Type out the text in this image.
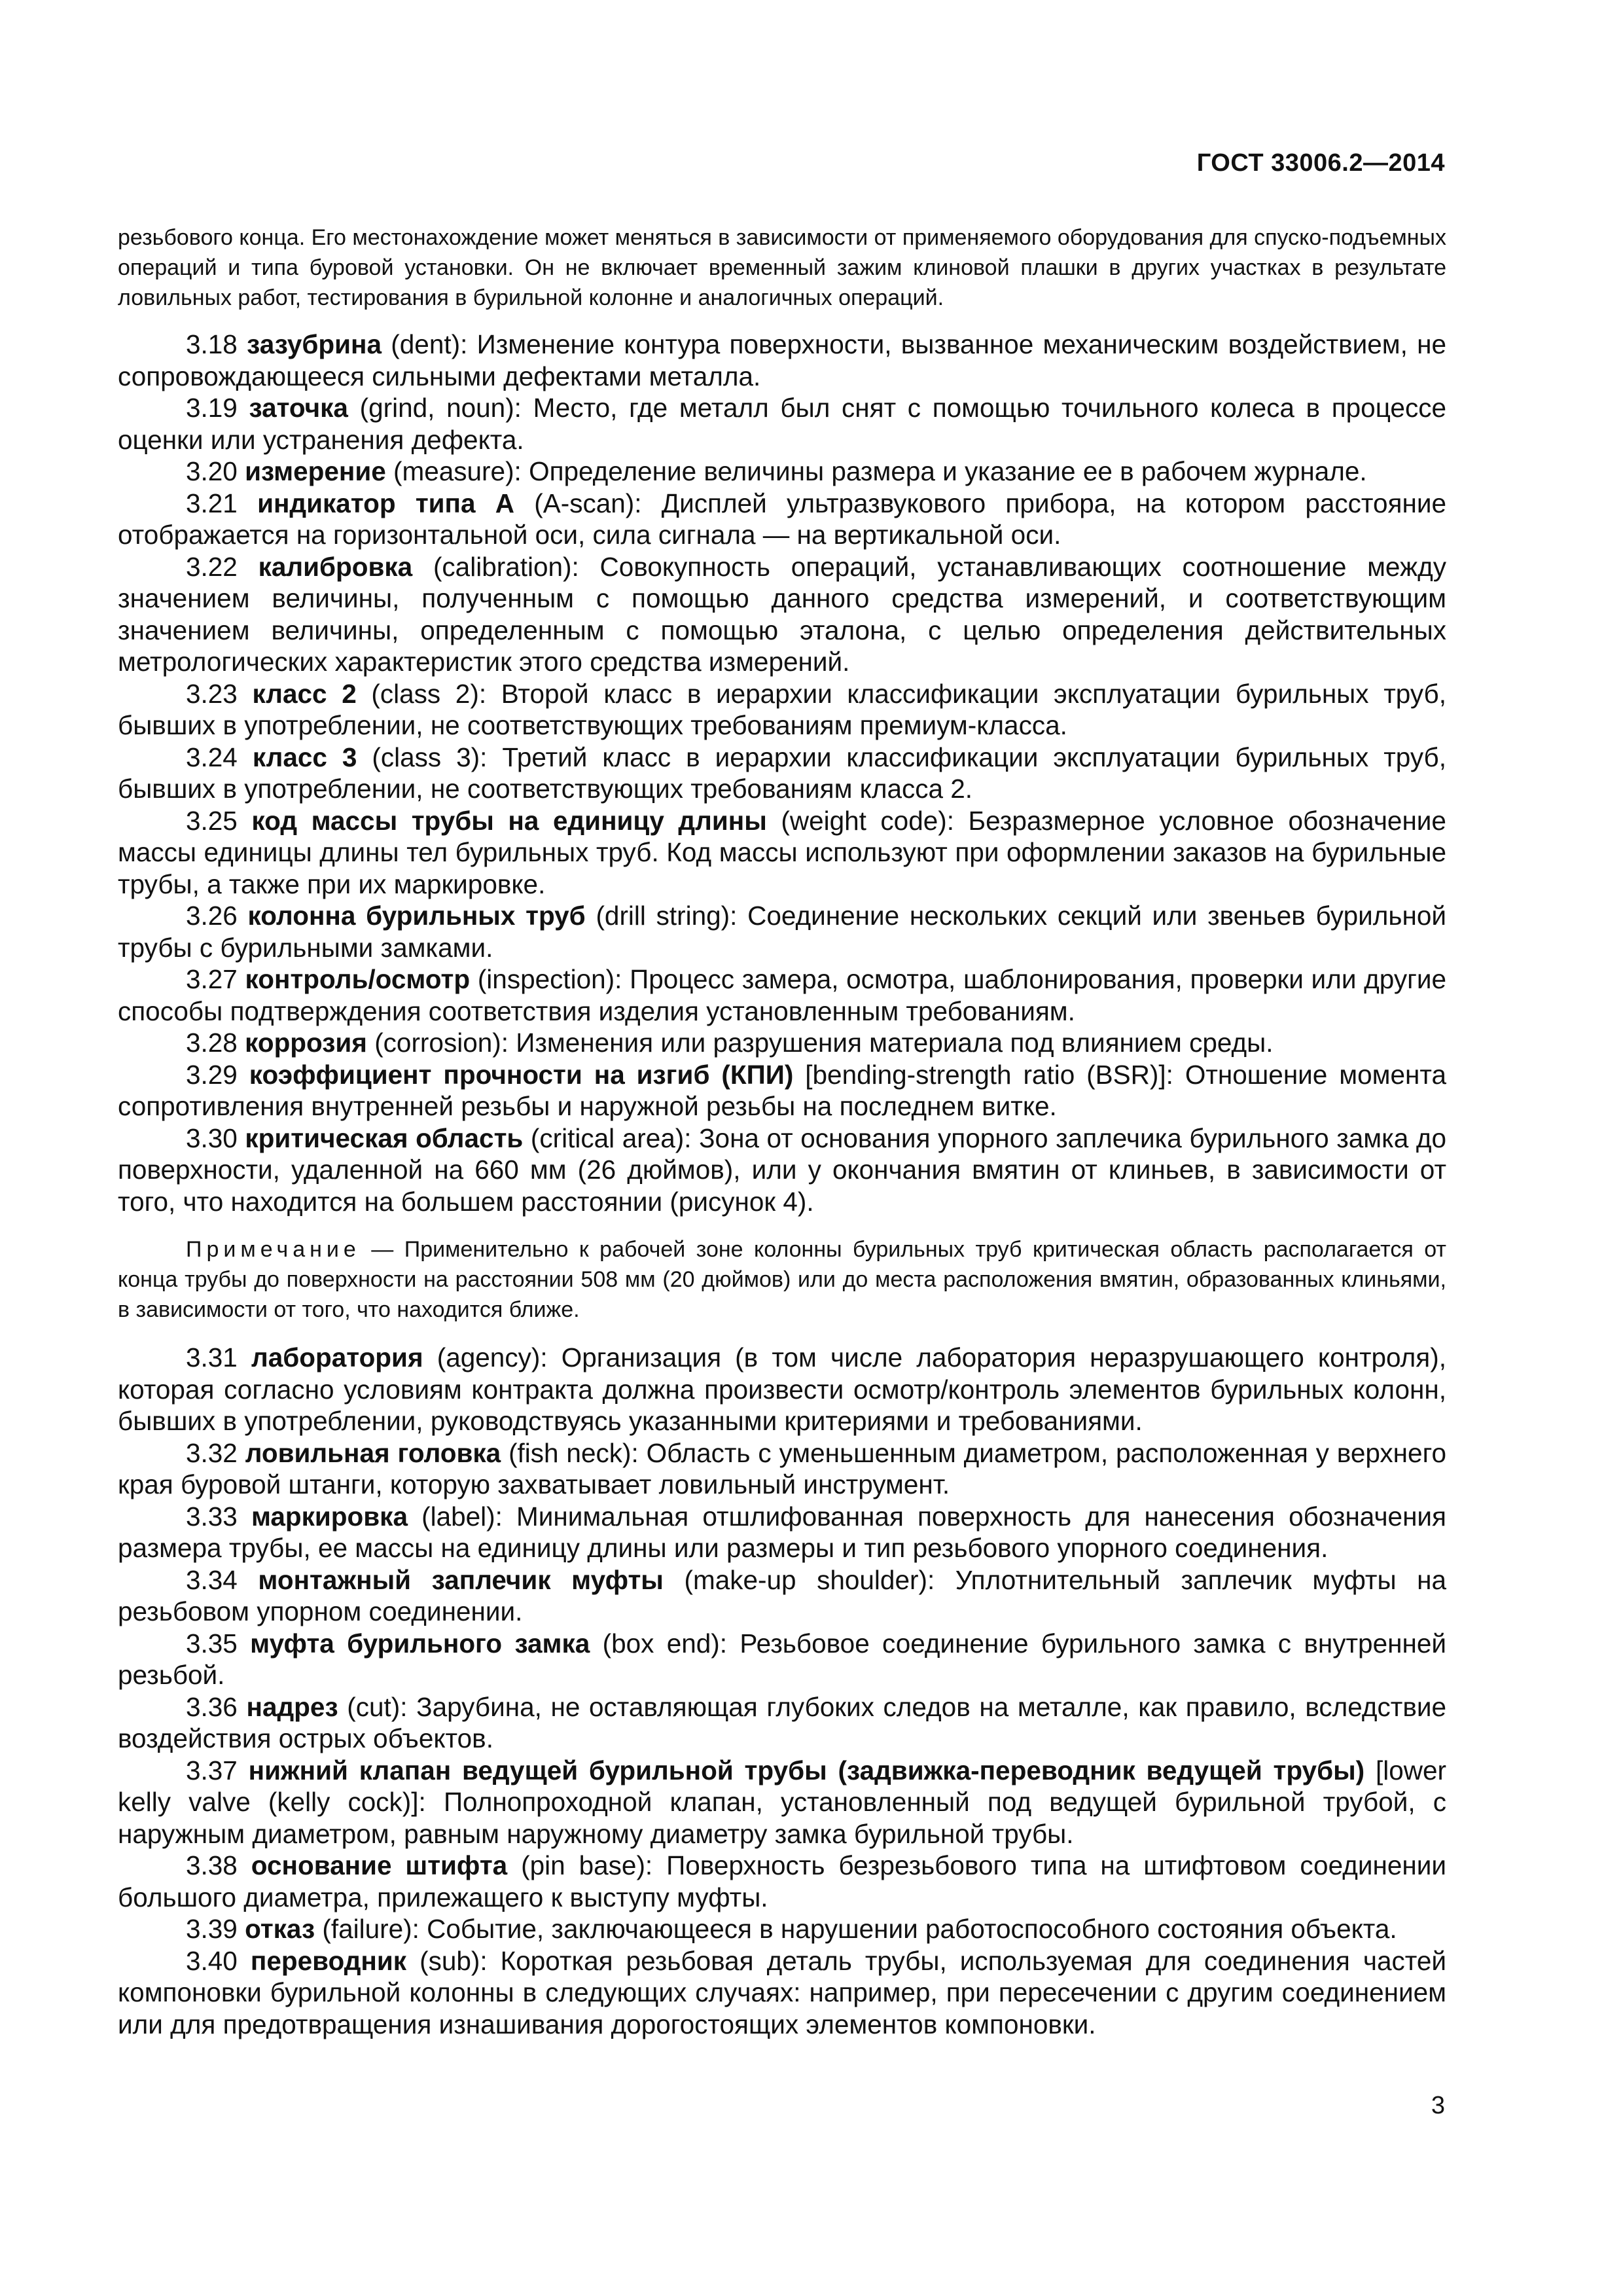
ГОСТ 33006.2—2014

резьбового конца. Его местонахождение может меняться в зависимости от применяемого оборудования для спуско-подъемных операций и типа буровой установки. Он не включает временный зажим клиновой плашки в других участках в результате ловильных работ, тестирования в бурильной колонне и аналогичных операций.

3.18 зазубрина (dent): Изменение контура поверхности, вызванное механическим воздействием, не сопровождающееся сильными дефектами металла.

3.19 заточка (grind, noun): Место, где металл был снят с помощью точильного колеса в процессе оценки или устранения дефекта.

3.20 измерение (measure): Определение величины размера и указание ее в рабочем журнале.

3.21 индикатор типа А (A-scan): Дисплей ультразвукового прибора, на котором расстояние отображается на горизонтальной оси, сила сигнала — на вертикальной оси.

3.22 калибровка (calibration): Совокупность операций, устанавливающих соотношение между значением величины, полученным с помощью данного средства измерений, и соответствующим значением величины, определенным с помощью эталона, с целью определения действительных метрологических характеристик этого средства измерений.

3.23 класс 2 (class 2): Второй класс в иерархии классификации эксплуатации бурильных труб, бывших в употреблении, не соответствующих требованиям премиум-класса.

3.24 класс 3 (class 3): Третий класс в иерархии классификации эксплуатации бурильных труб, бывших в употреблении, не соответствующих требованиям класса 2.

3.25 код массы трубы на единицу длины (weight code): Безразмерное условное обозначение массы единицы длины тел бурильных труб. Код массы используют при оформлении заказов на бурильные трубы, а также при их маркировке.

3.26 колонна бурильных труб (drill string): Соединение нескольких секций или звеньев бурильной трубы с бурильными замками.

3.27 контроль/осмотр (inspection): Процесс замера, осмотра, шаблонирования, проверки или другие способы подтверждения соответствия изделия установленным требованиям.

3.28 коррозия (corrosion): Изменения или разрушения материала под влиянием среды.

3.29 коэффициент прочности на изгиб (КПИ) [bending-strength ratio (BSR)]: Отношение момента сопротивления внутренней резьбы и наружной резьбы на последнем витке.

3.30 критическая область (critical area): Зона от основания упорного заплечика бурильного замка до поверхности, удаленной на 660 мм (26 дюймов), или у окончания вмятин от клиньев, в зависимости от того, что находится на большем расстоянии (рисунок 4).

Примечание — Применительно к рабочей зоне колонны бурильных труб критическая область располагается от конца трубы до поверхности на расстоянии 508 мм (20 дюймов) или до места расположения вмятин, образованных клиньями, в зависимости от того, что находится ближе.

3.31 лаборатория (agency): Организация (в том числе лаборатория неразрушающего контроля), которая согласно условиям контракта должна произвести осмотр/контроль элементов бурильных колонн, бывших в употреблении, руководствуясь указанными критериями и требованиями.

3.32 ловильная головка (fish neck): Область с уменьшенным диаметром, расположенная у верхнего края буровой штанги, которую захватывает ловильный инструмент.

3.33 маркировка (label): Минимальная отшлифованная поверхность для нанесения обозначения размера трубы, ее массы на единицу длины или размеры и тип резьбового упорного соединения.

3.34 монтажный заплечик муфты (make-up shoulder): Уплотнительный заплечик муфты на резьбовом упорном соединении.

3.35 муфта бурильного замка (box end): Резьбовое соединение бурильного замка с внутренней резьбой.

3.36 надрез (cut): Зарубина, не оставляющая глубоких следов на металле, как правило, вследствие воздействия острых объектов.

3.37 нижний клапан ведущей бурильной трубы (задвижка-переводник ведущей трубы) [lower kelly valve (kelly cock)]: Полнопроходной клапан, установленный под ведущей бурильной трубой, с наружным диаметром, равным наружному диаметру замка бурильной трубы.

3.38 основание штифта (pin base): Поверхность безрезьбового типа на штифтовом соединении большого диаметра, прилежащего к выступу муфты.

3.39 отказ (failure): Событие, заключающееся в нарушении работоспособного состояния объекта.

3.40 переводник (sub): Короткая резьбовая деталь трубы, используемая для соединения частей компоновки бурильной колонны в следующих случаях: например, при пересечении с другим соединением или для предотвращения изнашивания дорогостоящих элементов компоновки.

3
